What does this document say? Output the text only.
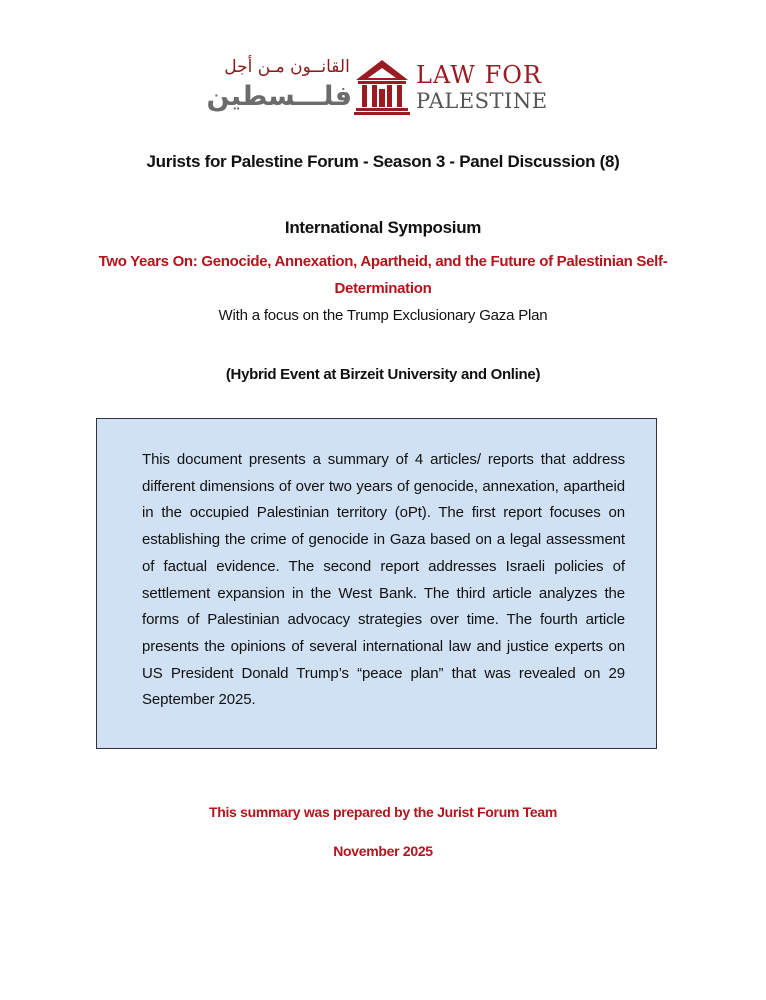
القانــون مـن أجل
فلـــسطين
LAW FOR
PALESTINE
Jurists for Palestine Forum - Season 3 - Panel Discussion (8)
International Symposium
Two Years On: Genocide, Annexation, Apartheid, and the Future of Palestinian Self-Determination
With a focus on the Trump Exclusionary Gaza Plan
(Hybrid Event at Birzeit University and Online)
This document presents a summary of 4 articles/ reports that address different dimensions of over two years of genocide, annexation, apartheid in the occupied Palestinian territory (oPt). The first report focuses on establishing the crime of genocide in Gaza based on a legal assessment of factual evidence. The second report addresses Israeli policies of settlement expansion in the West Bank. The third article analyzes the forms of Palestinian advocacy strategies over time. The fourth article presents the opinions of several international law and justice experts on US President Donald Trump’s “peace plan” that was revealed on 29 September 2025.
This summary was prepared by the Jurist Forum Team
November 2025
